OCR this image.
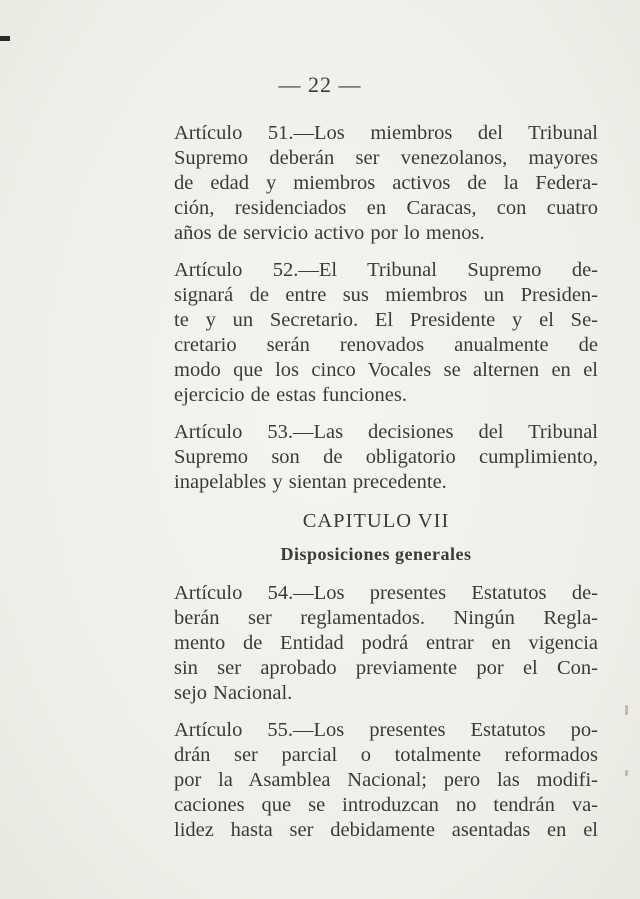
— 22 —

Artículo 51.—Los miembros del Tribunal
Supremo deberán ser venezolanos, mayores
de edad y miembros activos de la Federa-
ción, residenciados en Caracas, con cuatro
años de servicio activo por lo menos.

Artículo 52.—El Tribunal Supremo de-
signará de entre sus miembros un Presiden-
te y un Secretario. El Presidente y el Se-
cretario serán renovados anualmente de
modo que los cinco Vocales se alternen en el
ejercicio de estas funciones.

Artículo 53.—Las decisiones del Tribunal
Supremo son de obligatorio cumplimiento,
inapelables y sientan precedente.

CAPITULO VII
Disposiciones generales

Artículo 54.—Los presentes Estatutos de-
berán ser reglamentados. Ningún Regla-
mento de Entidad podrá entrar en vigencia
sin ser aprobado previamente por el Con-
sejo Nacional.

Artículo 55.—Los presentes Estatutos po-
drán ser parcial o totalmente reformados
por la Asamblea Nacional; pero las modifi-
caciones que se introduzcan no tendrán va-
lidez hasta ser debidamente asentadas en el
